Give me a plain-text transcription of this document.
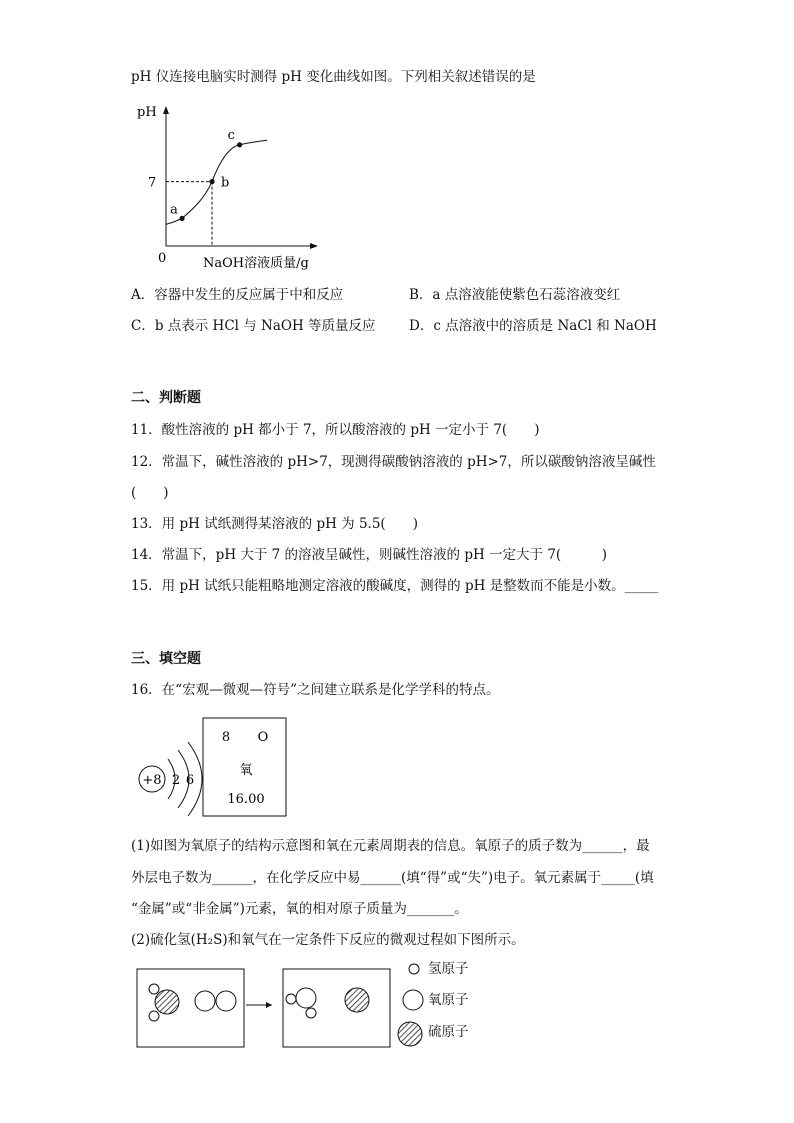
pH 仪连接电脑实时测得 pH 变化曲线如图。下列相关叙述错误的是
pH
NaOH溶液质量/g
0
7
a
b
c
A．容器中发生的反应属于中和反应	B．a 点溶液能使紫色石蕊溶液变红
C．b 点表示 HCl 与 NaOH 等质量反应 D．c 点溶液中的溶质是 NaCl 和 NaOH
二、判断题
11．酸性溶液的 pH 都小于 7，所以酸溶液的 pH 一定小于 7(　　)
12．常温下，碱性溶液的 pH>7，现测得碳酸钠溶液的 pH>7，所以碳酸钠溶液呈碱性
(　　)
13．用 pH 试纸测得某溶液的 pH 为 5.5(　　)
14．常温下，pH 大于 7 的溶液呈碱性，则碱性溶液的 pH 一定大于 7(　　　)
15．用 pH 试纸只能粗略地测定溶液的酸碱度，测得的 pH 是整数而不能是小数。_____
三、填空题
16．在“宏观—微观—符号”之间建立联系是化学学科的特点。
+8 2 6
8 O
氧
16.00
(1)如图为氧原子的结构示意图和氧在元素周期表的信息。氧原子的质子数为______，最
外层电子数为______，在化学反应中易______(填“得”或“失”)电子。氧元素属于_____(填
“金属”或“非金属”)元素，氧的相对原子质量为_______。
(2)硫化氢(H₂S)和氧气在一定条件下反应的微观过程如下图所示。
氢原子
氧原子
硫原子
